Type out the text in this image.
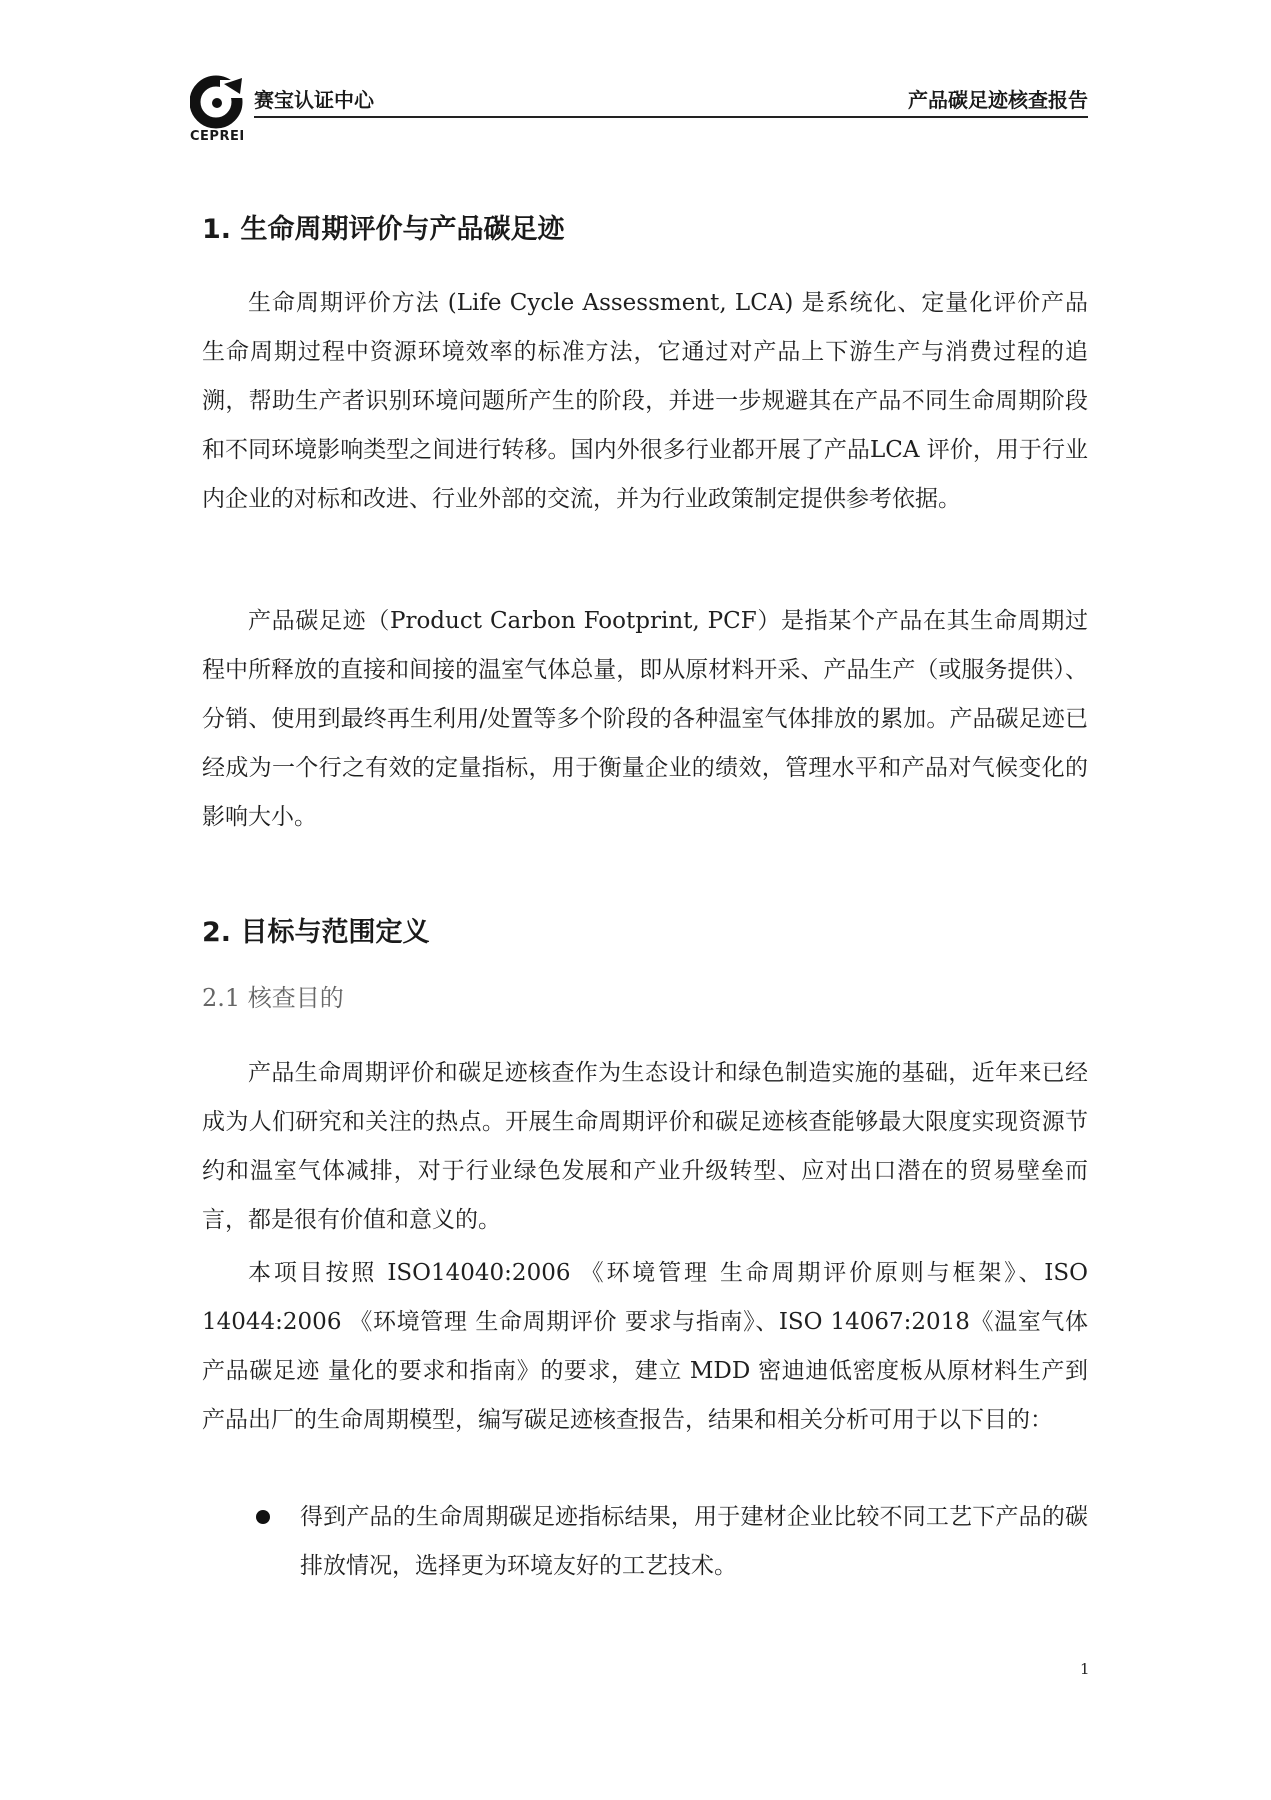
CEPREI
赛宝认证中心	产品碳足迹核查报告
1. 生命周期评价与产品碳足迹

生命周期评价方法 (Life Cycle Assessment, LCA) 是系统化、定量化评价产品生命周期过程中资源环境效率的标准方法，它通过对产品上下游生产与消费过程的追溯，帮助生产者识别环境问题所产生的阶段，并进一步规避其在产品不同生命周期阶段和不同环境影响类型之间进行转移。国内外很多行业都开展了产品LCA 评价，用于行业内企业的对标和改进、行业外部的交流，并为行业政策制定提供参考依据。

产品碳足迹（Product Carbon Footprint, PCF）是指某个产品在其生命周期过程中所释放的直接和间接的温室气体总量，即从原材料开采、产品生产（或服务提供）、分销、使用到最终再生利用/处置等多个阶段的各种温室气体排放的累加。产品碳足迹已经成为一个行之有效的定量指标，用于衡量企业的绩效，管理水平和产品对气候变化的影响大小。

2. 目标与范围定义
2.1 核查目的

产品生命周期评价和碳足迹核查作为生态设计和绿色制造实施的基础，近年来已经成为人们研究和关注的热点。开展生命周期评价和碳足迹核查能够最大限度实现资源节约和温室气体减排，对于行业绿色发展和产业升级转型、应对出口潜在的贸易壁垒而言，都是很有价值和意义的。

本项目按照 ISO14040:2006 《环境管理 生命周期评价原则与框架》、ISO 14044:2006 《环境管理 生命周期评价 要求与指南》、ISO 14067:2018《温室气体 产品碳足迹 量化的要求和指南》的要求，建立 MDD 密迪迪低密度板从原材料生产到产品出厂的生命周期模型，编写碳足迹核查报告，结果和相关分析可用于以下目的：

得到产品的生命周期碳足迹指标结果，用于建材企业比较不同工艺下产品的碳排放情况，选择更为环境友好的工艺技术。

1
